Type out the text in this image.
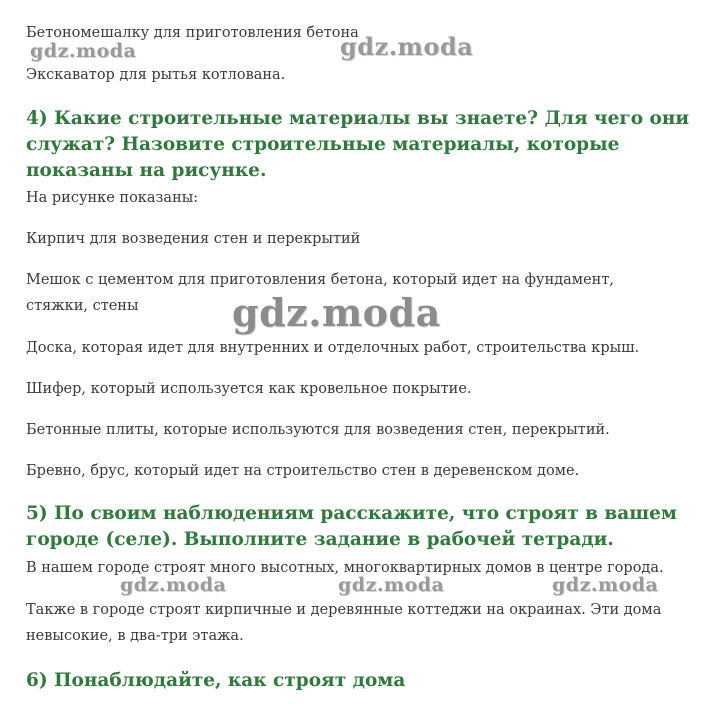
Бетономешалку для приготовления бетона

Экскаватор для рытья котлована.

4) Какие строительные материалы вы знаете? Для чего они служат? Назовите строительные материалы, которые показаны на рисунке.

На рисунке показаны:

Кирпич для возведения стен и перекрытий

Мешок с цементом для приготовления бетона, который идет на фундамент, стяжки, стены

Доска, которая идет для внутренних и отделочных работ, строительства крыш.

Шифер, который используется как кровельное покрытие.

Бетонные плиты, которые используются для возведения стен, перекрытий.

Бревно, брус, который идет на строительство стен в деревенском доме.

5) По своим наблюдениям расскажите, что строят в вашем городе (селе). Выполните задание в рабочей тетради.

В нашем городе строят много высотных, многоквартирных домов в центре города.

Также в городе строят кирпичные и деревянные коттеджи на окраинах. Эти дома невысокие, в два-три этажа.

6) Понаблюдайте, как строят дома
gdz.moda	gdz.moda
gdz.moda
gdz.moda	gdz.moda	gdz.moda
